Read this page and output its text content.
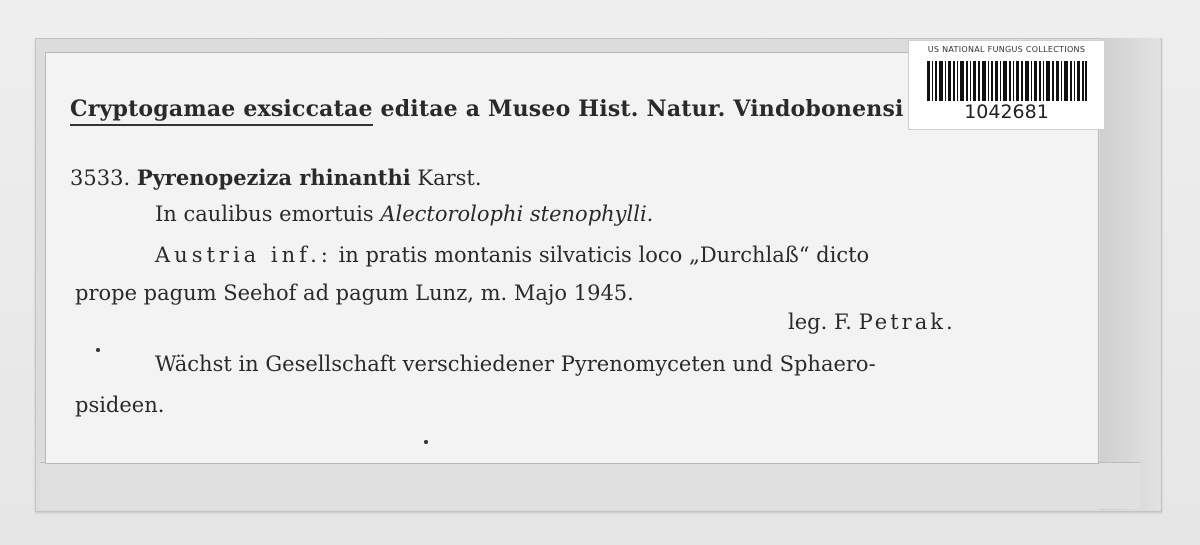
Cryptogamae exsiccatae editae a Museo Hist. Natur. Vindobonensi
3533. Pyrenopeziza rhinanthi Karst.
In caulibus emortuis Alectorolophi stenophylli.
Austria inf.: in pratis montanis silvaticis loco „Durchlaß“ dicto
prope pagum Seehof ad pagum Lunz, m. Majo 1945.
leg. F. Petrak.
Wächst in Gesellschaft verschiedener Pyrenomyceten und Sphaero-
psideen.
US NATIONAL FUNGUS COLLECTIONS
1042681
